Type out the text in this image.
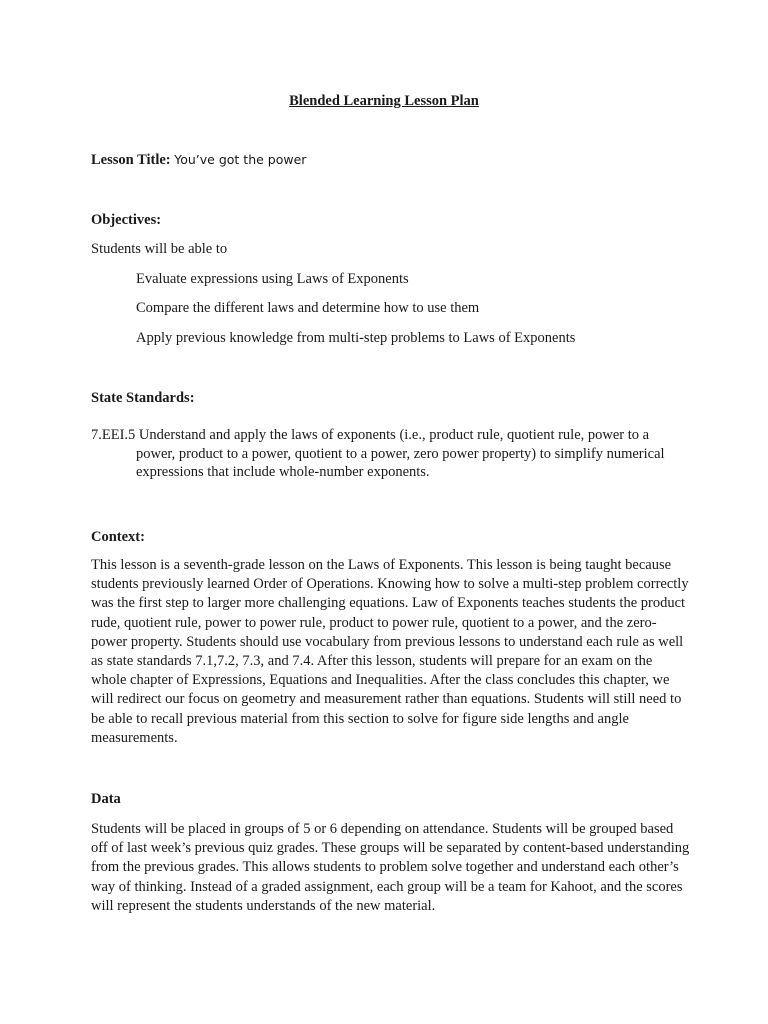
Blended Learning Lesson Plan
Lesson Title: You’ve got the power
Objectives:
Students will be able to
Evaluate expressions using Laws of Exponents
Compare the different laws and determine how to use them
Apply previous knowledge from multi-step problems to Laws of Exponents
State Standards:
7.EEI.5 Understand and apply the laws of exponents (i.e., product rule, quotient rule, power to a power, product to a power, quotient to a power, zero power property) to simplify numerical expressions that include whole-number exponents.
Context:
This lesson is a seventh-grade lesson on the Laws of Exponents. This lesson is being taught because students previously learned Order of Operations. Knowing how to solve a multi-step problem correctly was the first step to larger more challenging equations. Law of Exponents teaches students the product rude, quotient rule, power to power rule, product to power rule, quotient to a power, and the zero-power property. Students should use vocabulary from previous lessons to understand each rule as well as state standards 7.1,7.2, 7.3, and 7.4. After this lesson, students will prepare for an exam on the whole chapter of Expressions, Equations and Inequalities. After the class concludes this chapter, we will redirect our focus on geometry and measurement rather than equations. Students will still need to be able to recall previous material from this section to solve for figure side lengths and angle measurements.
Data
Students will be placed in groups of 5 or 6 depending on attendance. Students will be grouped based off of last week’s previous quiz grades. These groups will be separated by content-based understanding from the previous grades. This allows students to problem solve together and understand each other’s way of thinking. Instead of a graded assignment, each group will be a team for Kahoot, and the scores will represent the students understands of the new material.
